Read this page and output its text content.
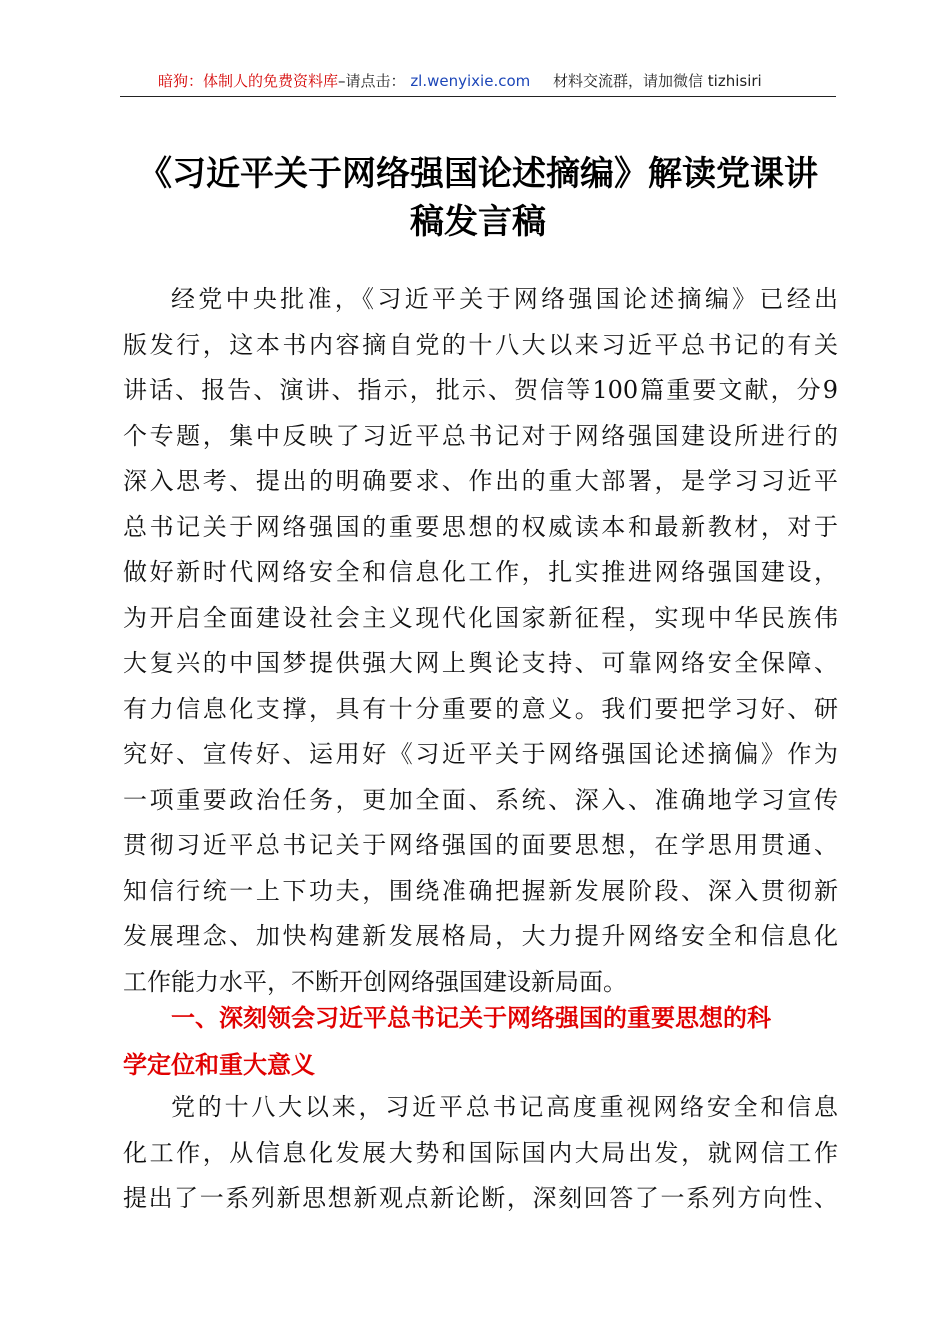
暗狗：体制人的免费资料库–请点击： zl.wenyixie.com 材料交流群，请加微信 tizhisiri
《习近平关于网络强国论述摘编》解读党课讲
稿发言稿
经党中央批准，《习近平关于网络强国论述摘编》已经出
版发行，这本书内容摘自党的十八大以来习近平总书记的有关
讲话、报告、演讲、指示，批示、贺信等100篇重要文献，分9
个专题，集中反映了习近平总书记对于网络强国建设所进行的
深入思考、提出的明确要求、作出的重大部署，是学习习近平
总书记关于网络强国的重要思想的权威读本和最新教材，对于
做好新时代网络安全和信息化工作，扎实推进网络强国建设，
为开启全面建设社会主义现代化国家新征程，实现中华民族伟
大复兴的中国梦提供强大网上舆论支持、可靠网络安全保障、
有力信息化支撑，具有十分重要的意义。我们要把学习好、研
究好、宣传好、运用好《习近平关于网络强国论述摘偏》作为
一项重要政治任务，更加全面、系统、深入、准确地学习宣传
贯彻习近平总书记关于网络强国的面要思想，在学思用贯通、
知信行统一上下功夫，围绕准确把握新发展阶段、深入贯彻新
发展理念、加快构建新发展格局，大力提升网络安全和信息化
工作能力水平，不断开创网络强国建设新局面。
一、深刻领会习近平总书记关于网络强国的重要思想的科
学定位和重大意义
党的十八大以来，习近平总书记高度重视网络安全和信息
化工作，从信息化发展大势和国际国内大局出发，就网信工作
提出了一系列新思想新观点新论断，深刻回答了一系列方向性、
